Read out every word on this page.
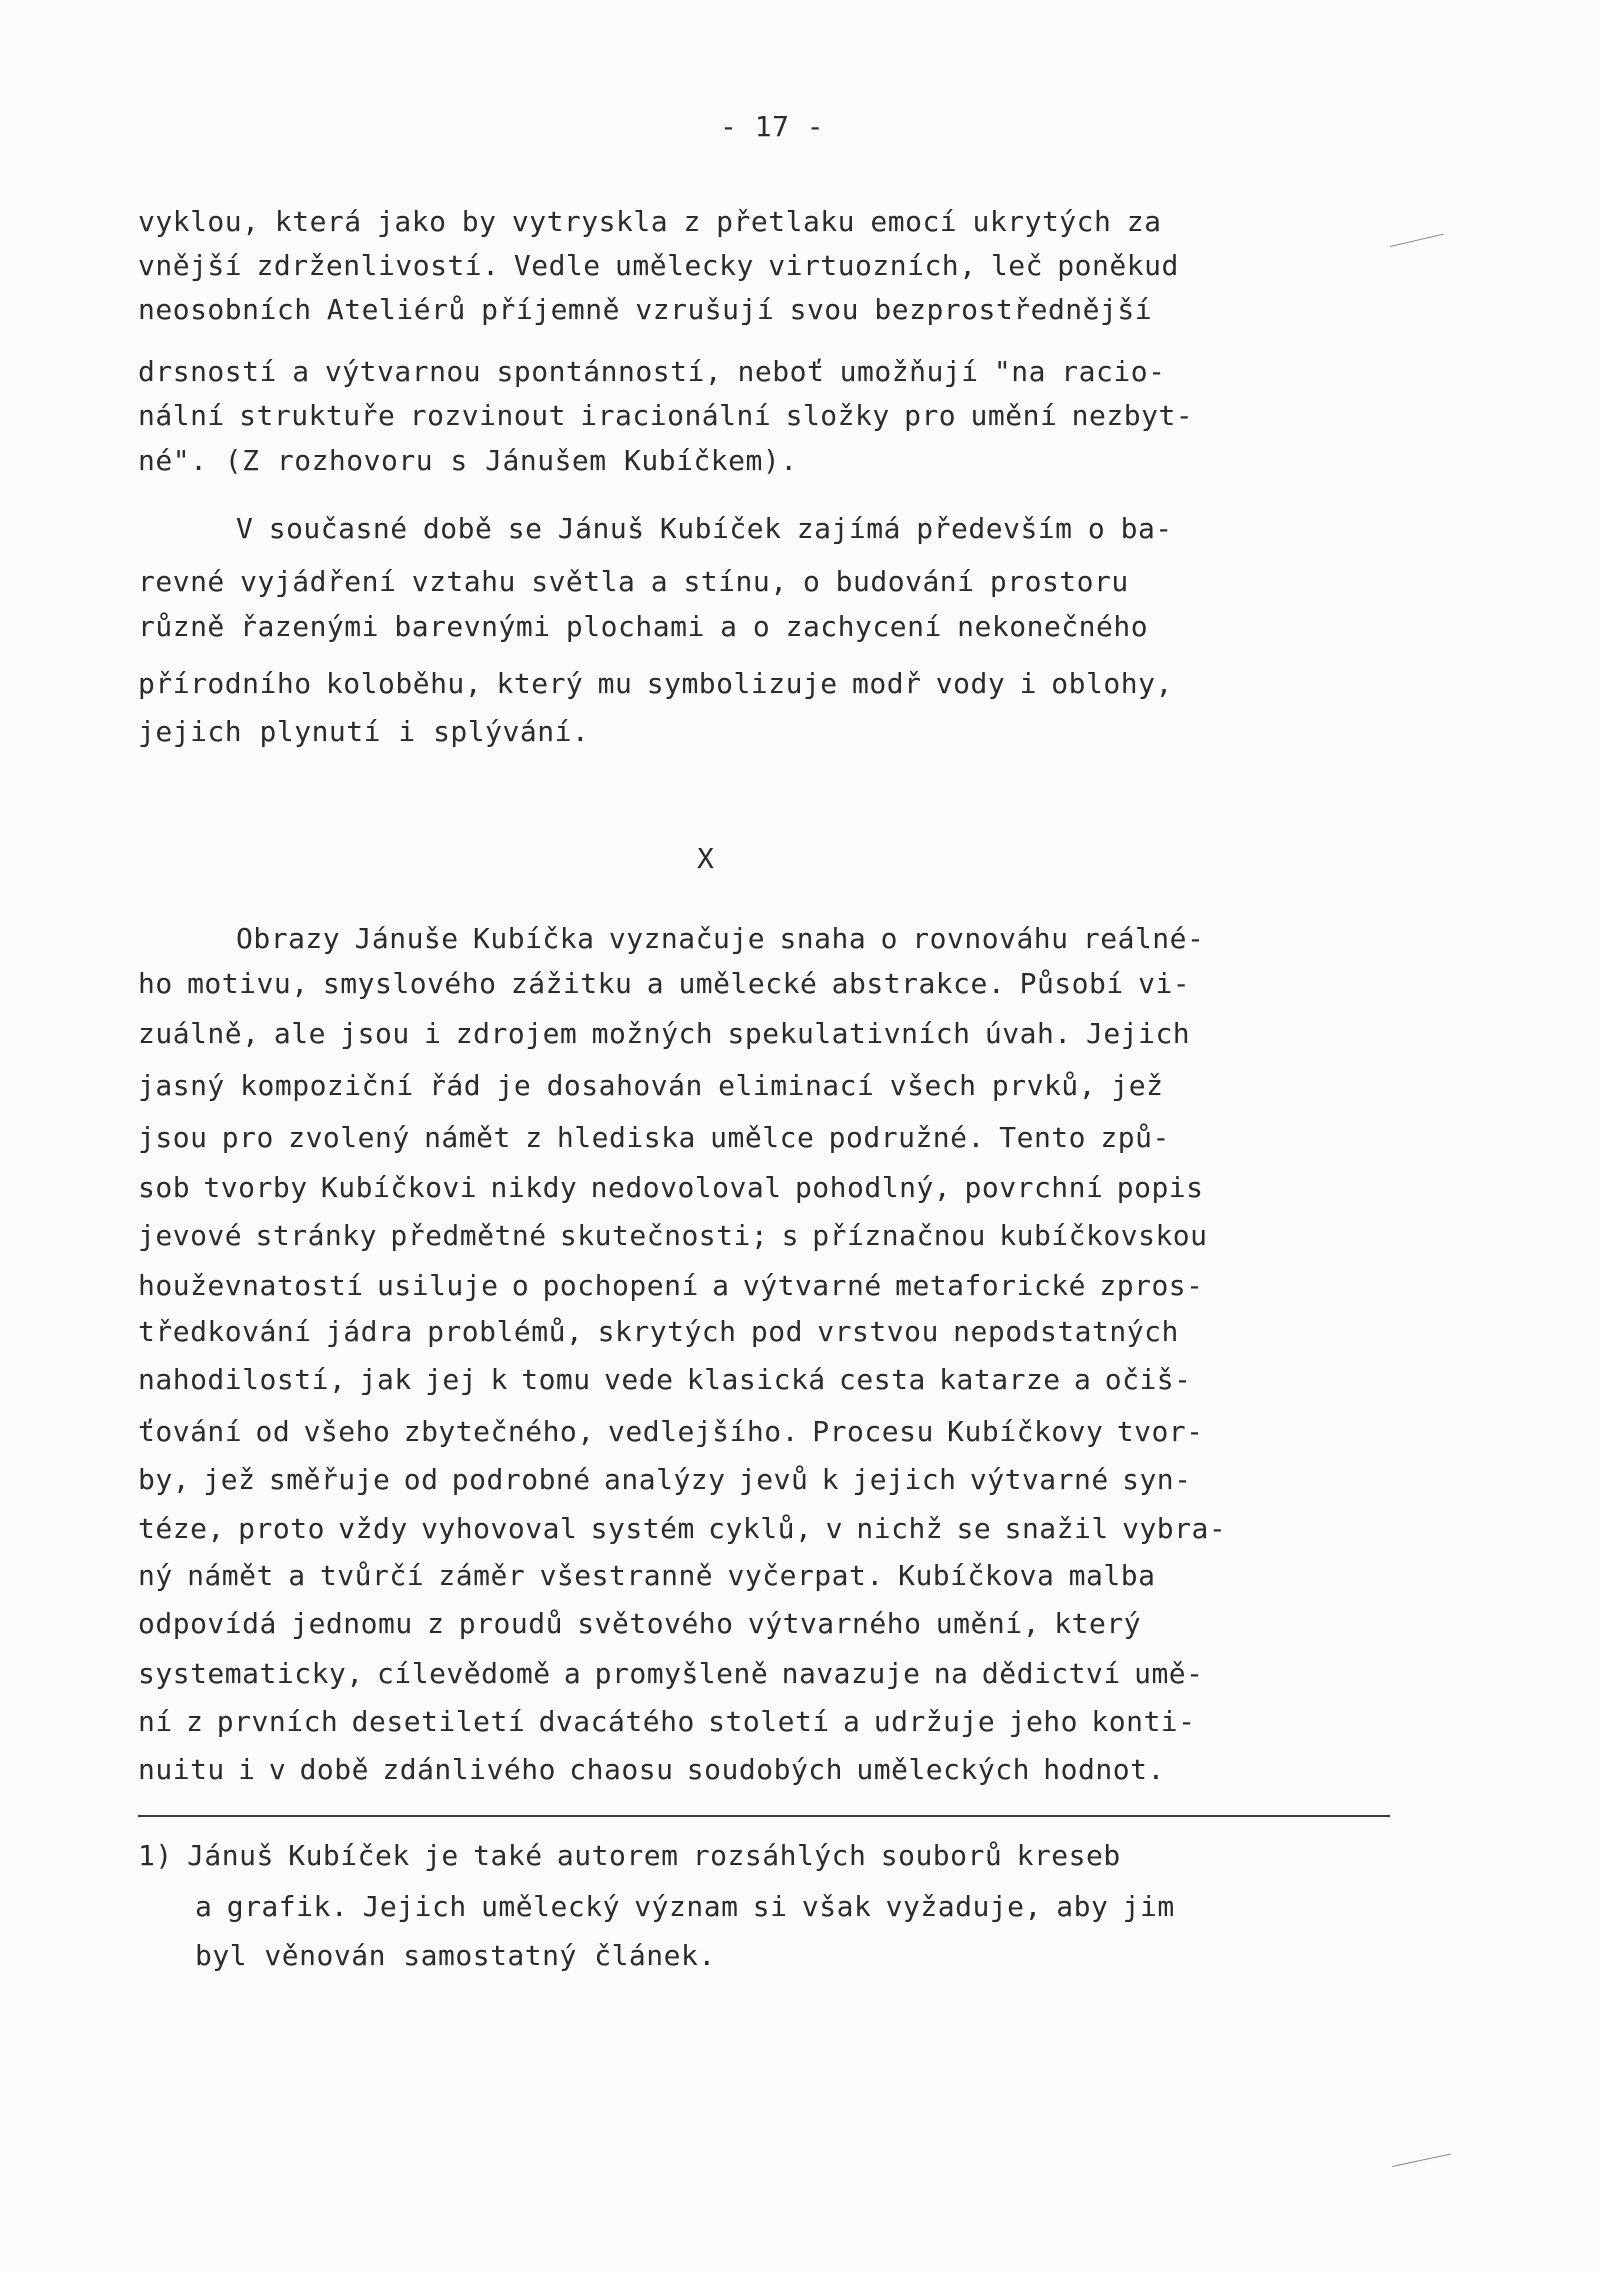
- 17 -
vyklou, která jako by vytryskla z přetlaku emocí ukrytých za
vnější zdrženlivostí. Vedle umělecky virtuozních, leč poněkud
neosobních Ateliérů příjemně vzrušují svou bezprostřednější
drsností a výtvarnou spontánností, neboť umožňují "na racio-
nální struktuře rozvinout iracionální složky pro umění nezbyt-
né". (Z rozhovoru s Jánušem Kubíčkem).
V současné době se Jánuš Kubíček zajímá především o ba-
revné vyjádření vztahu světla a stínu, o budování prostoru
různě řazenými barevnými plochami a o zachycení nekonečného
přírodního koloběhu, který mu symbolizuje modř vody i oblohy,
jejich plynutí i splývání.
X
Obrazy Jánuše Kubíčka vyznačuje snaha o rovnováhu reálné-
ho motivu, smyslového zážitku a umělecké abstrakce. Působí vi-
zuálně, ale jsou i zdrojem možných spekulativních úvah. Jejich
jasný kompoziční řád je dosahován eliminací všech prvků, jež
jsou pro zvolený námět z hlediska umělce podružné. Tento způ-
sob tvorby Kubíčkovi nikdy nedovoloval pohodlný, povrchní popis
jevové stránky předmětné skutečnosti; s příznačnou kubíčkovskou
houževnatostí usiluje o pochopení a výtvarné metaforické zpros-
tředkování jádra problémů, skrytých pod vrstvou nepodstatných
nahodilostí, jak jej k tomu vede klasická cesta katarze a očiš-
ťování od všeho zbytečného, vedlejšího. Procesu Kubíčkovy tvor-
by, jež směřuje od podrobné analýzy jevů k jejich výtvarné syn-
téze, proto vždy vyhovoval systém cyklů, v nichž se snažil vybra-
ný námět a tvůrčí záměr všestranně vyčerpat. Kubíčkova malba
odpovídá jednomu z proudů světového výtvarného umění, který
systematicky, cílevědomě a promyšleně navazuje na dědictví umě-
ní z prvních desetiletí dvacátého století a udržuje jeho konti-
nuitu i v době zdánlivého chaosu soudobých uměleckých hodnot.
1) Jánuš Kubíček je také autorem rozsáhlých souborů kreseb
a grafik. Jejich umělecký význam si však vyžaduje, aby jim
byl věnován samostatný článek.
